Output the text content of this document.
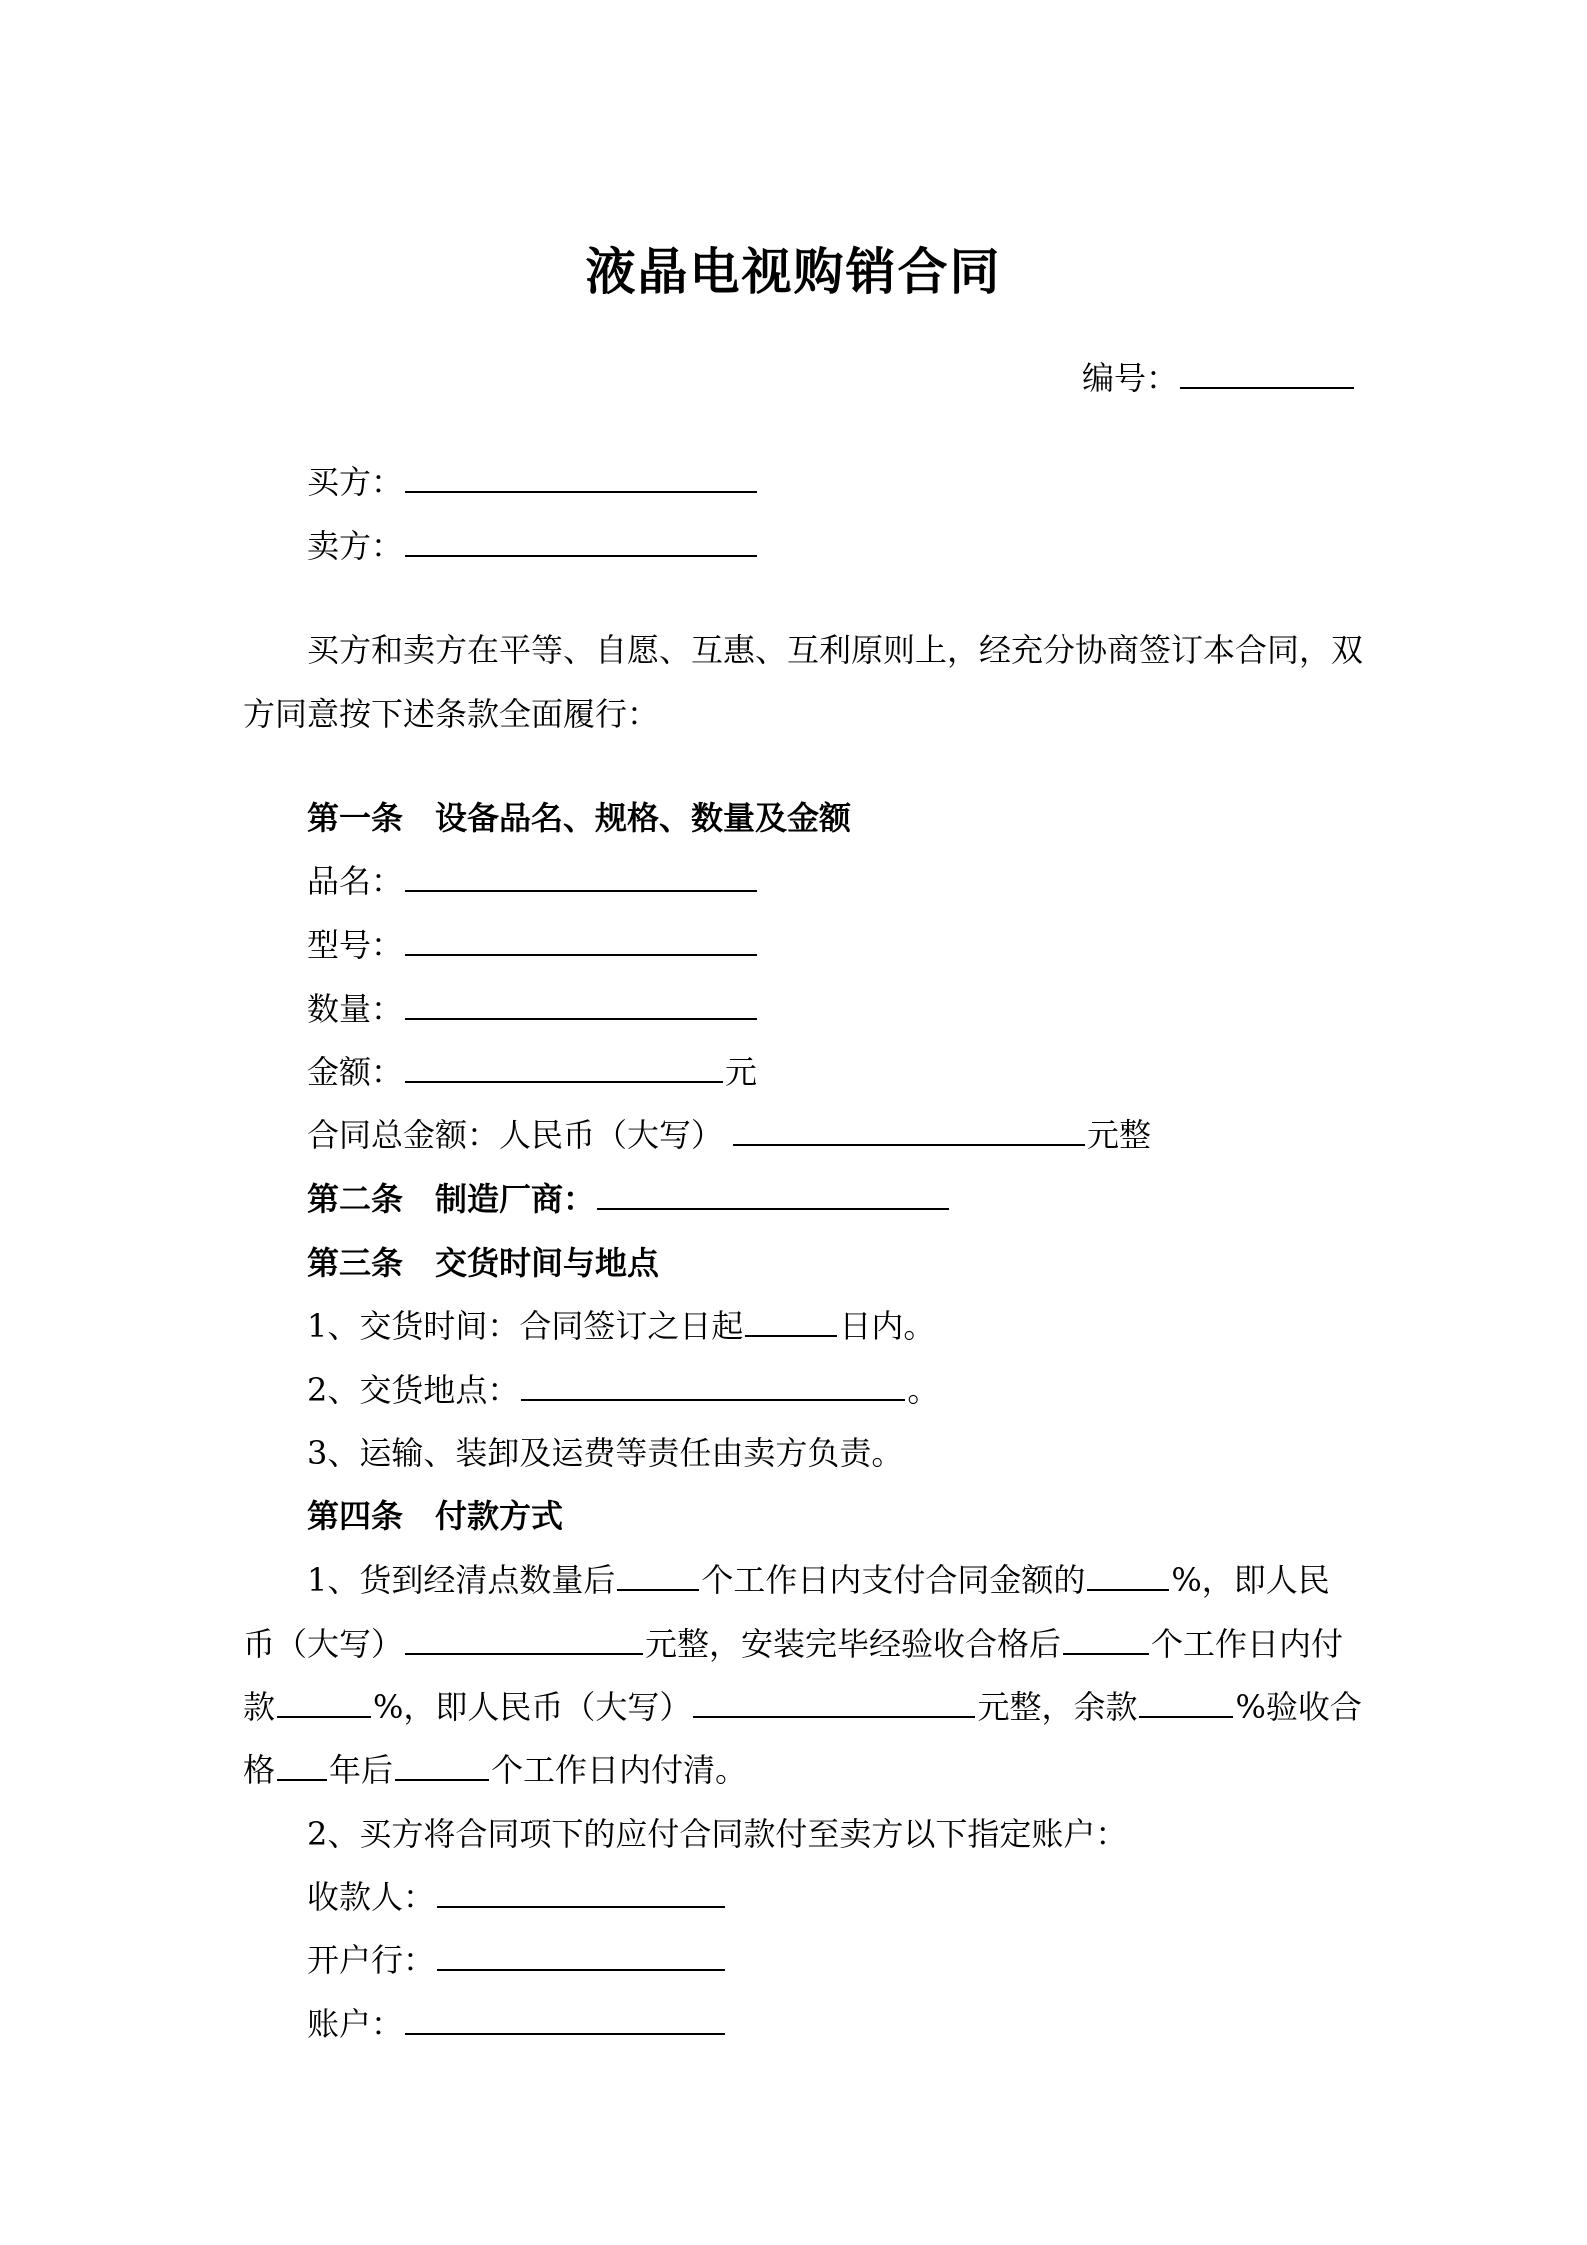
液晶电视购销合同
编号：
买方：
卖方：
买方和卖方在平等、自愿、互惠、互利原则上，经充分协商签订本合同，双
方同意按下述条款全面履行：
第一条 设备品名、规格、数量及金额
品名：
型号：
数量：
金额：	元
合同总金额：人民币（大写）	元整
第二条 制造厂商：
第三条 交货时间与地点
1、交货时间：合同签订之日起	日内。
2、交货地点：	。
3、运输、装卸及运费等责任由卖方负责。
第四条 付款方式
1、货到经清点数量后	个工作日内支付合同金额的	%，即人民
币（大写）	元整，安装完毕经验收合格后	个工作日内付
款	%，即人民币（大写）	元整，余款	%验收合
格 年后	个工作日内付清。
2、买方将合同项下的应付合同款付至卖方以下指定账户：
收款人：
开户行：
账户：
